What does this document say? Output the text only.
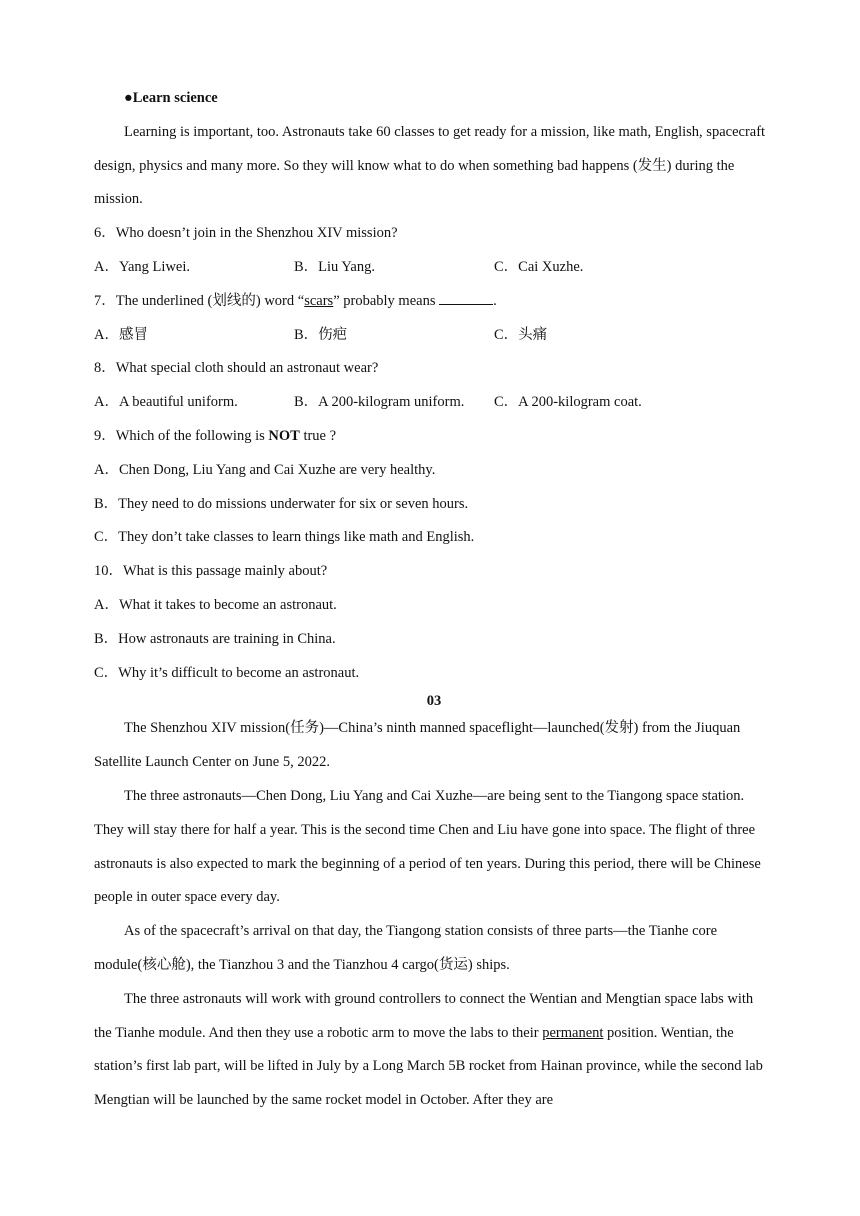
●Learn science
Learning is important, too. Astronauts take 60 classes to get ready for a mission, like math, English, spacecraft design, physics and many more. So they will know what to do when something bad happens (发生) during the mission.
6．Who doesn’t join in the Shenzhou XIV mission?
A．Yang Liwei.	B．Liu Yang.	C．Cai Xuzhe.
7．The underlined (划线的) word “scars” probably means	.
A．感冒	B．伤疤	C．头痛
8．What special cloth should an astronaut wear?
A．A beautiful uniform.	B．A 200-kilogram uniform.	C．A 200-kilogram coat.
9．Which of the following is NOT true ?
A．Chen Dong, Liu Yang and Cai Xuzhe are very healthy.
B．They need to do missions underwater for six or seven hours.
C．They don’t take classes to learn things like math and English.
10．What is this passage mainly about?
A．What it takes to become an astronaut.
B．How astronauts are training in China.
C．Why it’s difficult to become an astronaut.
03
The Shenzhou XIV mission(任务)—China’s ninth manned spaceflight—launched(发射) from the Jiuquan Satellite Launch Center on June 5, 2022.
The three astronauts—Chen Dong, Liu Yang and Cai Xuzhe—are being sent to the Tiangong space station. They will stay there for half a year. This is the second time Chen and Liu have gone into space. The flight of three astronauts is also expected to mark the beginning of a period of ten years. During this period, there will be Chinese people in outer space every day.
As of the spacecraft’s arrival on that day, the Tiangong station consists of three parts—the Tianhe core module(核心舱), the Tianzhou 3 and the Tianzhou 4 cargo(货运) ships.
The three astronauts will work with ground controllers to connect the Wentian and Mengtian space labs with the Tianhe module. And then they use a robotic arm to move the labs to their permanent position. Wentian, the station’s first lab part, will be lifted in July by a Long March 5B rocket from Hainan province, while the second lab Mengtian will be launched by the same rocket model in October. After they are
